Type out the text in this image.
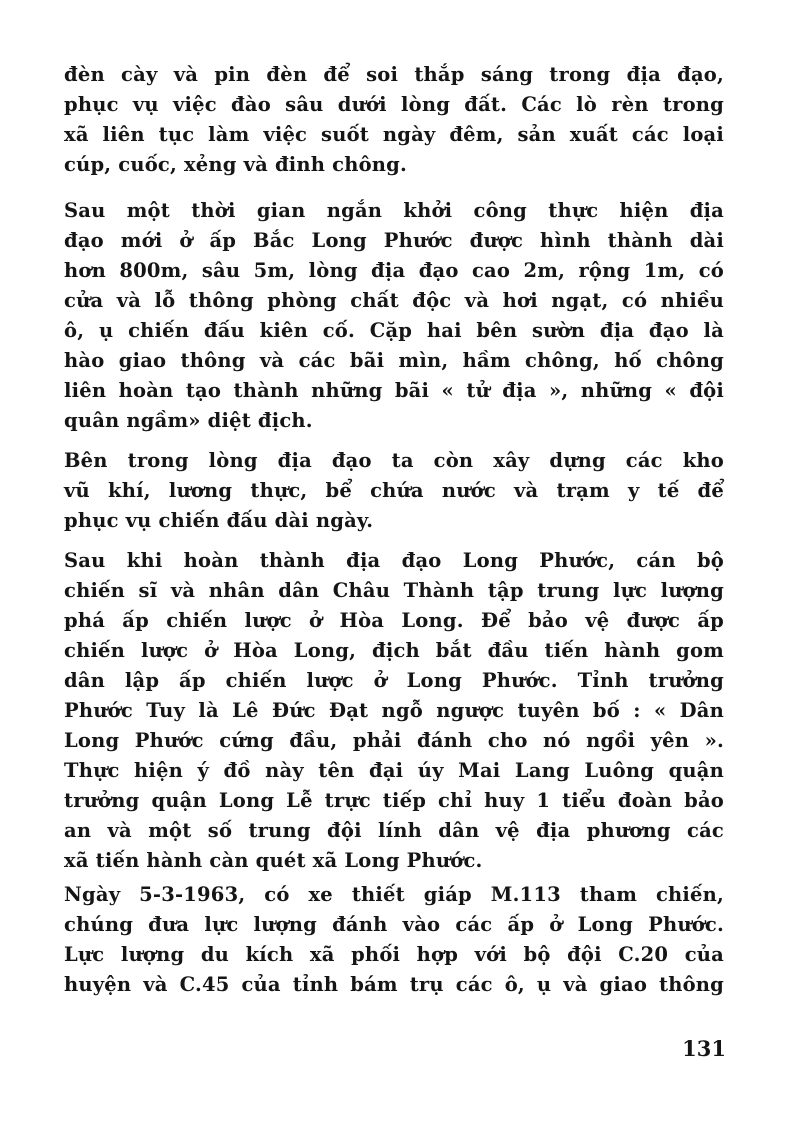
đèn cày và pin đèn để soi thắp sáng trong địa đạo,
phục vụ việc đào sâu dưới lòng đất. Các lò rèn trong
xã liên tục làm việc suốt ngày đêm, sản xuất các loại
cúp, cuốc, xẻng và đinh chông.
Sau một thời gian ngắn khởi công thực hiện địa
đạo mới ở ấp Bắc Long Phước được hình thành dài
hơn 800m, sâu 5m, lòng địa đạo cao 2m, rộng 1m, có
cửa và lỗ thông phòng chất độc và hơi ngạt, có nhiều
ô, ụ chiến đấu kiên cố. Cặp hai bên sườn địa đạo là
hào giao thông và các bãi mìn, hầm chông, hố chông
liên hoàn tạo thành những bãi « tử địa », những « đội
quân ngầm» diệt địch.
Bên trong lòng địa đạo ta còn xây dựng các kho
vũ khí, lương thực, bể chứa nước và trạm y tế để
phục vụ chiến đấu dài ngày.
Sau khi hoàn thành địa đạo Long Phước, cán bộ
chiến sĩ và nhân dân Châu Thành tập trung lực lượng
phá ấp chiến lược ở Hòa Long. Để bảo vệ được ấp
chiến lược ở Hòa Long, địch bắt đầu tiến hành gom
dân lập ấp chiến lược ở Long Phước. Tỉnh trưởng
Phước Tuy là Lê Đức Đạt ngỗ ngược tuyên bố : « Dân
Long Phước cứng đầu, phải đánh cho nó ngồi yên ».
Thực hiện ý đồ này tên đại úy Mai Lang Luông quận
trưởng quận Long Lễ trực tiếp chỉ huy 1 tiểu đoàn bảo
an và một số trung đội lính dân vệ địa phương các
xã tiến hành càn quét xã Long Phước.
Ngày 5-3-1963, có xe thiết giáp M.113 tham chiến,
chúng đưa lực lượng đánh vào các ấp ở Long Phước.
Lực lượng du kích xã phối hợp với bộ đội C.20 của
huyện và C.45 của tỉnh bám trụ các ô, ụ và giao thông
131
